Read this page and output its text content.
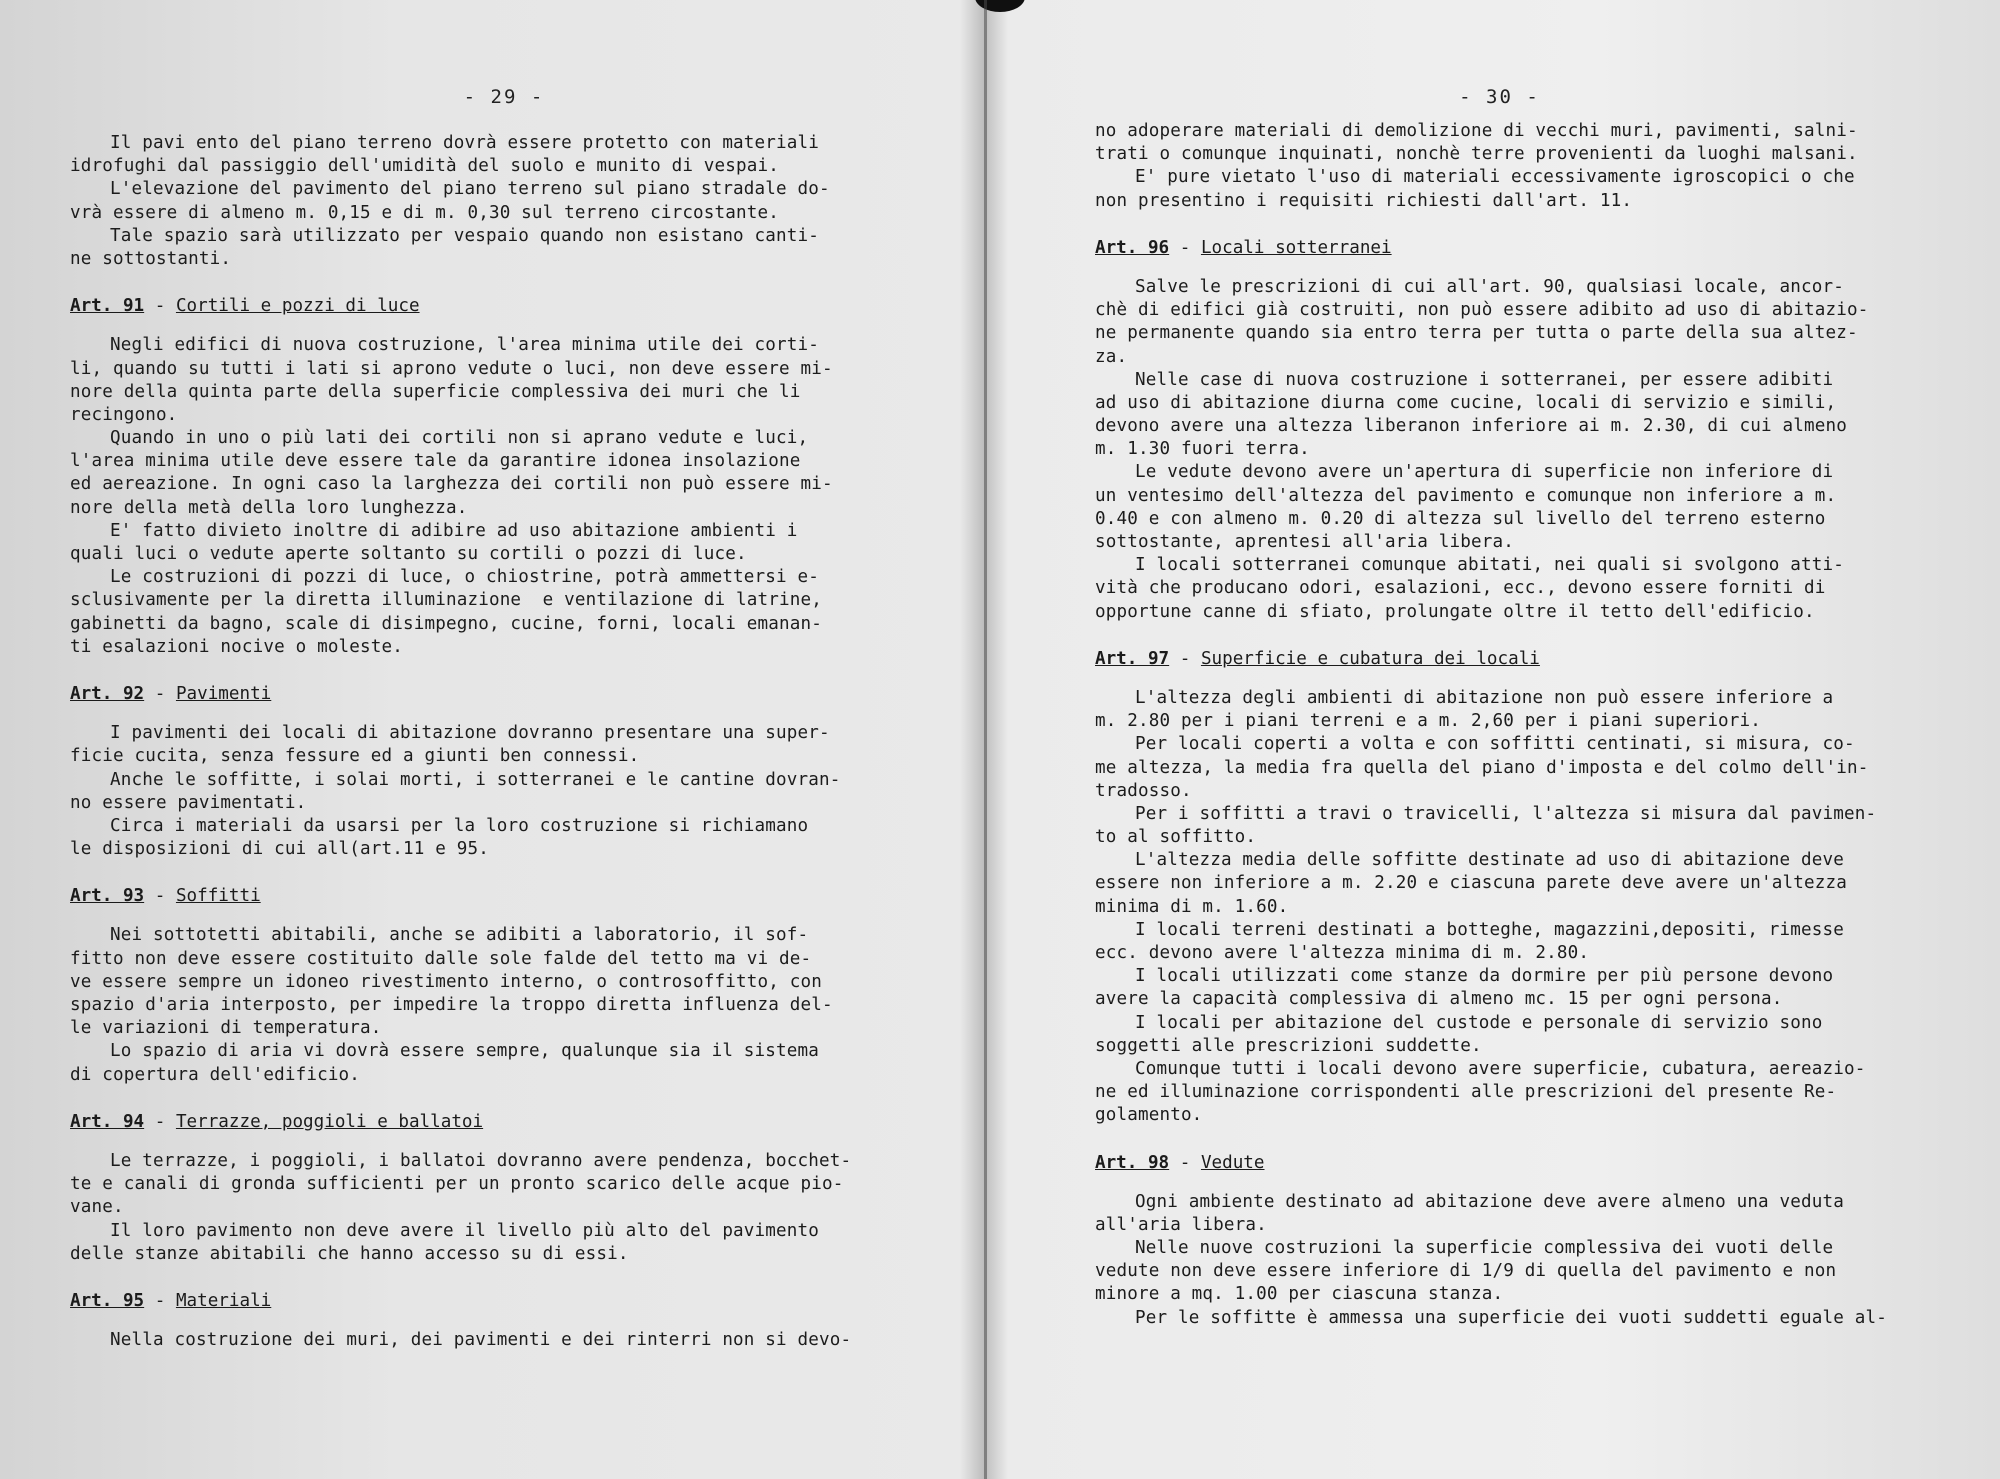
- 29 -
Il pavi ento del piano terreno dovrà essere protetto con materiali
idrofughi dal passiggio dell'umidità del suolo e munito di vespai.
L'elevazione del pavimento del piano terreno sul piano stradale do-
vrà essere di almeno m. 0,15 e di m. 0,30 sul terreno circostante.
Tale spazio sarà utilizzato per vespaio quando non esistano canti-
ne sottostanti.
Art. 91 - Cortili e pozzi di luce
Negli edifici di nuova costruzione, l'area minima utile dei corti-
li, quando su tutti i lati si aprono vedute o luci, non deve essere mi-
nore della quinta parte della superficie complessiva dei muri che li
recingono.
Quando in uno o più lati dei cortili non si aprano vedute e luci,
l'area minima utile deve essere tale da garantire idonea insolazione
ed aereazione. In ogni caso la larghezza dei cortili non può essere mi-
nore della metà della loro lunghezza.
E' fatto divieto inoltre di adibire ad uso abitazione ambienti i
quali luci o vedute aperte soltanto su cortili o pozzi di luce.
Le costruzioni di pozzi di luce, o chiostrine, potrà ammettersi e-
sclusivamente per la diretta illuminazione  e ventilazione di latrine,
gabinetti da bagno, scale di disimpegno, cucine, forni, locali emanan-
ti esalazioni nocive o moleste.
Art. 92 - Pavimenti
I pavimenti dei locali di abitazione dovranno presentare una super-
ficie cucita, senza fessure ed a giunti ben connessi.
Anche le soffitte, i solai morti, i sotterranei e le cantine dovran-
no essere pavimentati.
Circa i materiali da usarsi per la loro costruzione si richiamano
le disposizioni di cui all(art.11 e 95.
Art. 93 - Soffitti
Nei sottotetti abitabili, anche se adibiti a laboratorio, il sof-
fitto non deve essere costituito dalle sole falde del tetto ma vi de-
ve essere sempre un idoneo rivestimento interno, o controsoffitto, con
spazio d'aria interposto, per impedire la troppo diretta influenza del-
le variazioni di temperatura.
Lo spazio di aria vi dovrà essere sempre, qualunque sia il sistema
di copertura dell'edificio.
Art. 94 - Terrazze, poggioli e ballatoi
Le terrazze, i poggioli, i ballatoi dovranno avere pendenza, bocchet-
te e canali di gronda sufficienti per un pronto scarico delle acque pio-
vane.
Il loro pavimento non deve avere il livello più alto del pavimento
delle stanze abitabili che hanno accesso su di essi.
Art. 95 - Materiali
Nella costruzione dei muri, dei pavimenti e dei rinterri non si devo-
- 30 -
no adoperare materiali di demolizione di vecchi muri, pavimenti, salni-
trati o comunque inquinati, nonchè terre provenienti da luoghi malsani.
E' pure vietato l'uso di materiali eccessivamente igroscopici o che
non presentino i requisiti richiesti dall'art. 11.
Art. 96 - Locali sotterranei
Salve le prescrizioni di cui all'art. 90, qualsiasi locale, ancor-
chè di edifici già costruiti, non può essere adibito ad uso di abitazio-
ne permanente quando sia entro terra per tutta o parte della sua altez-
za.
Nelle case di nuova costruzione i sotterranei, per essere adibiti
ad uso di abitazione diurna come cucine, locali di servizio e simili,
devono avere una altezza liberanon inferiore ai m. 2.30, di cui almeno
m. 1.30 fuori terra.
Le vedute devono avere un'apertura di superficie non inferiore di
un ventesimo dell'altezza del pavimento e comunque non inferiore a m.
0.40 e con almeno m. 0.20 di altezza sul livello del terreno esterno
sottostante, aprentesi all'aria libera.
I locali sotterranei comunque abitati, nei quali si svolgono atti-
vità che producano odori, esalazioni, ecc., devono essere forniti di
opportune canne di sfiato, prolungate oltre il tetto dell'edificio.
Art. 97 - Superficie e cubatura dei locali
L'altezza degli ambienti di abitazione non può essere inferiore a
m. 2.80 per i piani terreni e a m. 2,60 per i piani superiori.
Per locali coperti a volta e con soffitti centinati, si misura, co-
me altezza, la media fra quella del piano d'imposta e del colmo dell'in-
tradosso.
Per i soffitti a travi o travicelli, l'altezza si misura dal pavimen-
to al soffitto.
L'altezza media delle soffitte destinate ad uso di abitazione deve
essere non inferiore a m. 2.20 e ciascuna parete deve avere un'altezza
minima di m. 1.60.
I locali terreni destinati a botteghe, magazzini,depositi, rimesse
ecc. devono avere l'altezza minima di m. 2.80.
I locali utilizzati come stanze da dormire per più persone devono
avere la capacità complessiva di almeno mc. 15 per ogni persona.
I locali per abitazione del custode e personale di servizio sono
soggetti alle prescrizioni suddette.
Comunque tutti i locali devono avere superficie, cubatura, aereazio-
ne ed illuminazione corrispondenti alle prescrizioni del presente Re-
golamento.
Art. 98 - Vedute
Ogni ambiente destinato ad abitazione deve avere almeno una veduta
all'aria libera.
Nelle nuove costruzioni la superficie complessiva dei vuoti delle
vedute non deve essere inferiore di 1/9 di quella del pavimento e non
minore a mq. 1.00 per ciascuna stanza.
Per le soffitte è ammessa una superficie dei vuoti suddetti eguale al-
